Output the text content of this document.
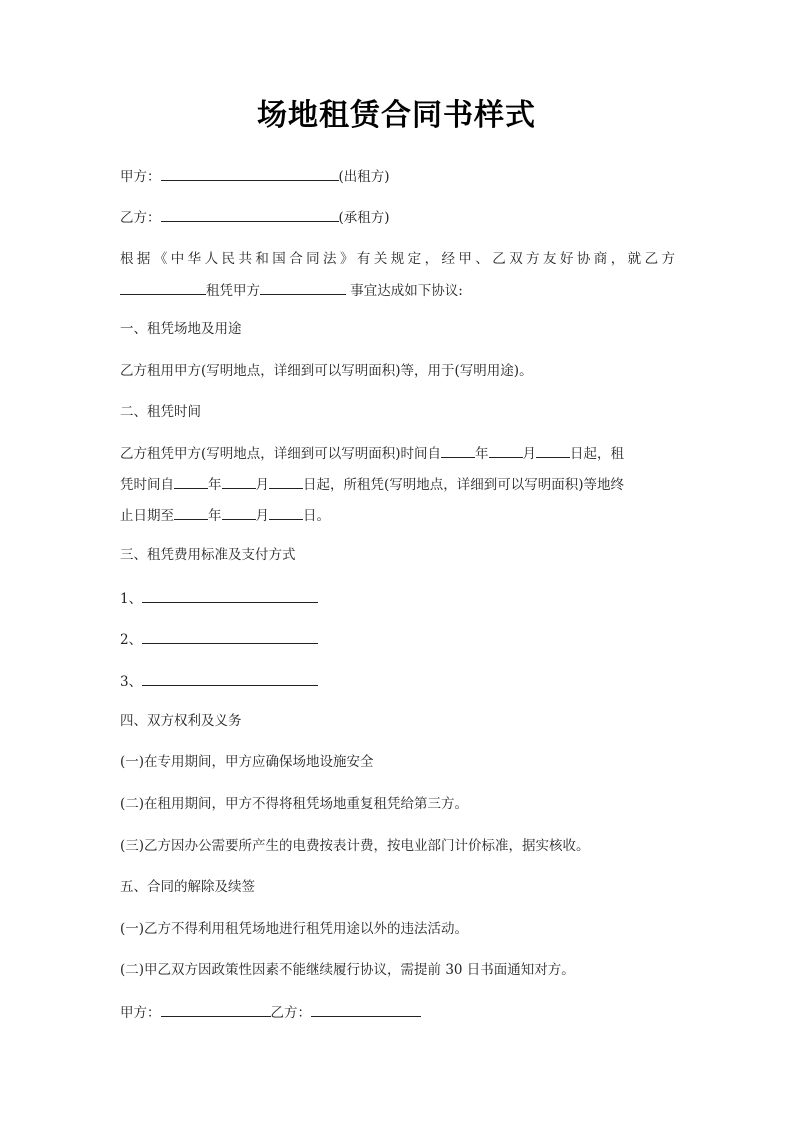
场地租赁合同书样式
甲方：	(出租方)
乙方：	(承租方)
根据《中华人民共和国合同法》有关规定，经甲、乙双方友好协商，就乙方
租凭甲方	事宜达成如下协议:
一、租凭场地及用途
乙方租用甲方(写明地点，详细到可以写明面积)等，用于(写明用途)。
二、租凭时间
乙方租凭甲方(写明地点，详细到可以写明面积)时间自	年	月	日起，租
凭时间自	年	月	日起，所租凭(写明地点，详细到可以写明面积)等地终
止日期至	年	月	日。
三、租凭费用标准及支付方式
1、
2、
3、
四、双方权利及义务
(一)在专用期间，甲方应确保场地设施安全
(二)在租用期间，甲方不得将租凭场地重复租凭给第三方。
(三)乙方因办公需要所产生的电费按表计费，按电业部门计价标准，据实核收。
五、合同的解除及续签
(一)乙方不得利用租凭场地进行租凭用途以外的违法活动。
(二)甲乙双方因政策性因素不能继续履行协议，需提前 30 日书面通知对方。
甲方：	乙方：
